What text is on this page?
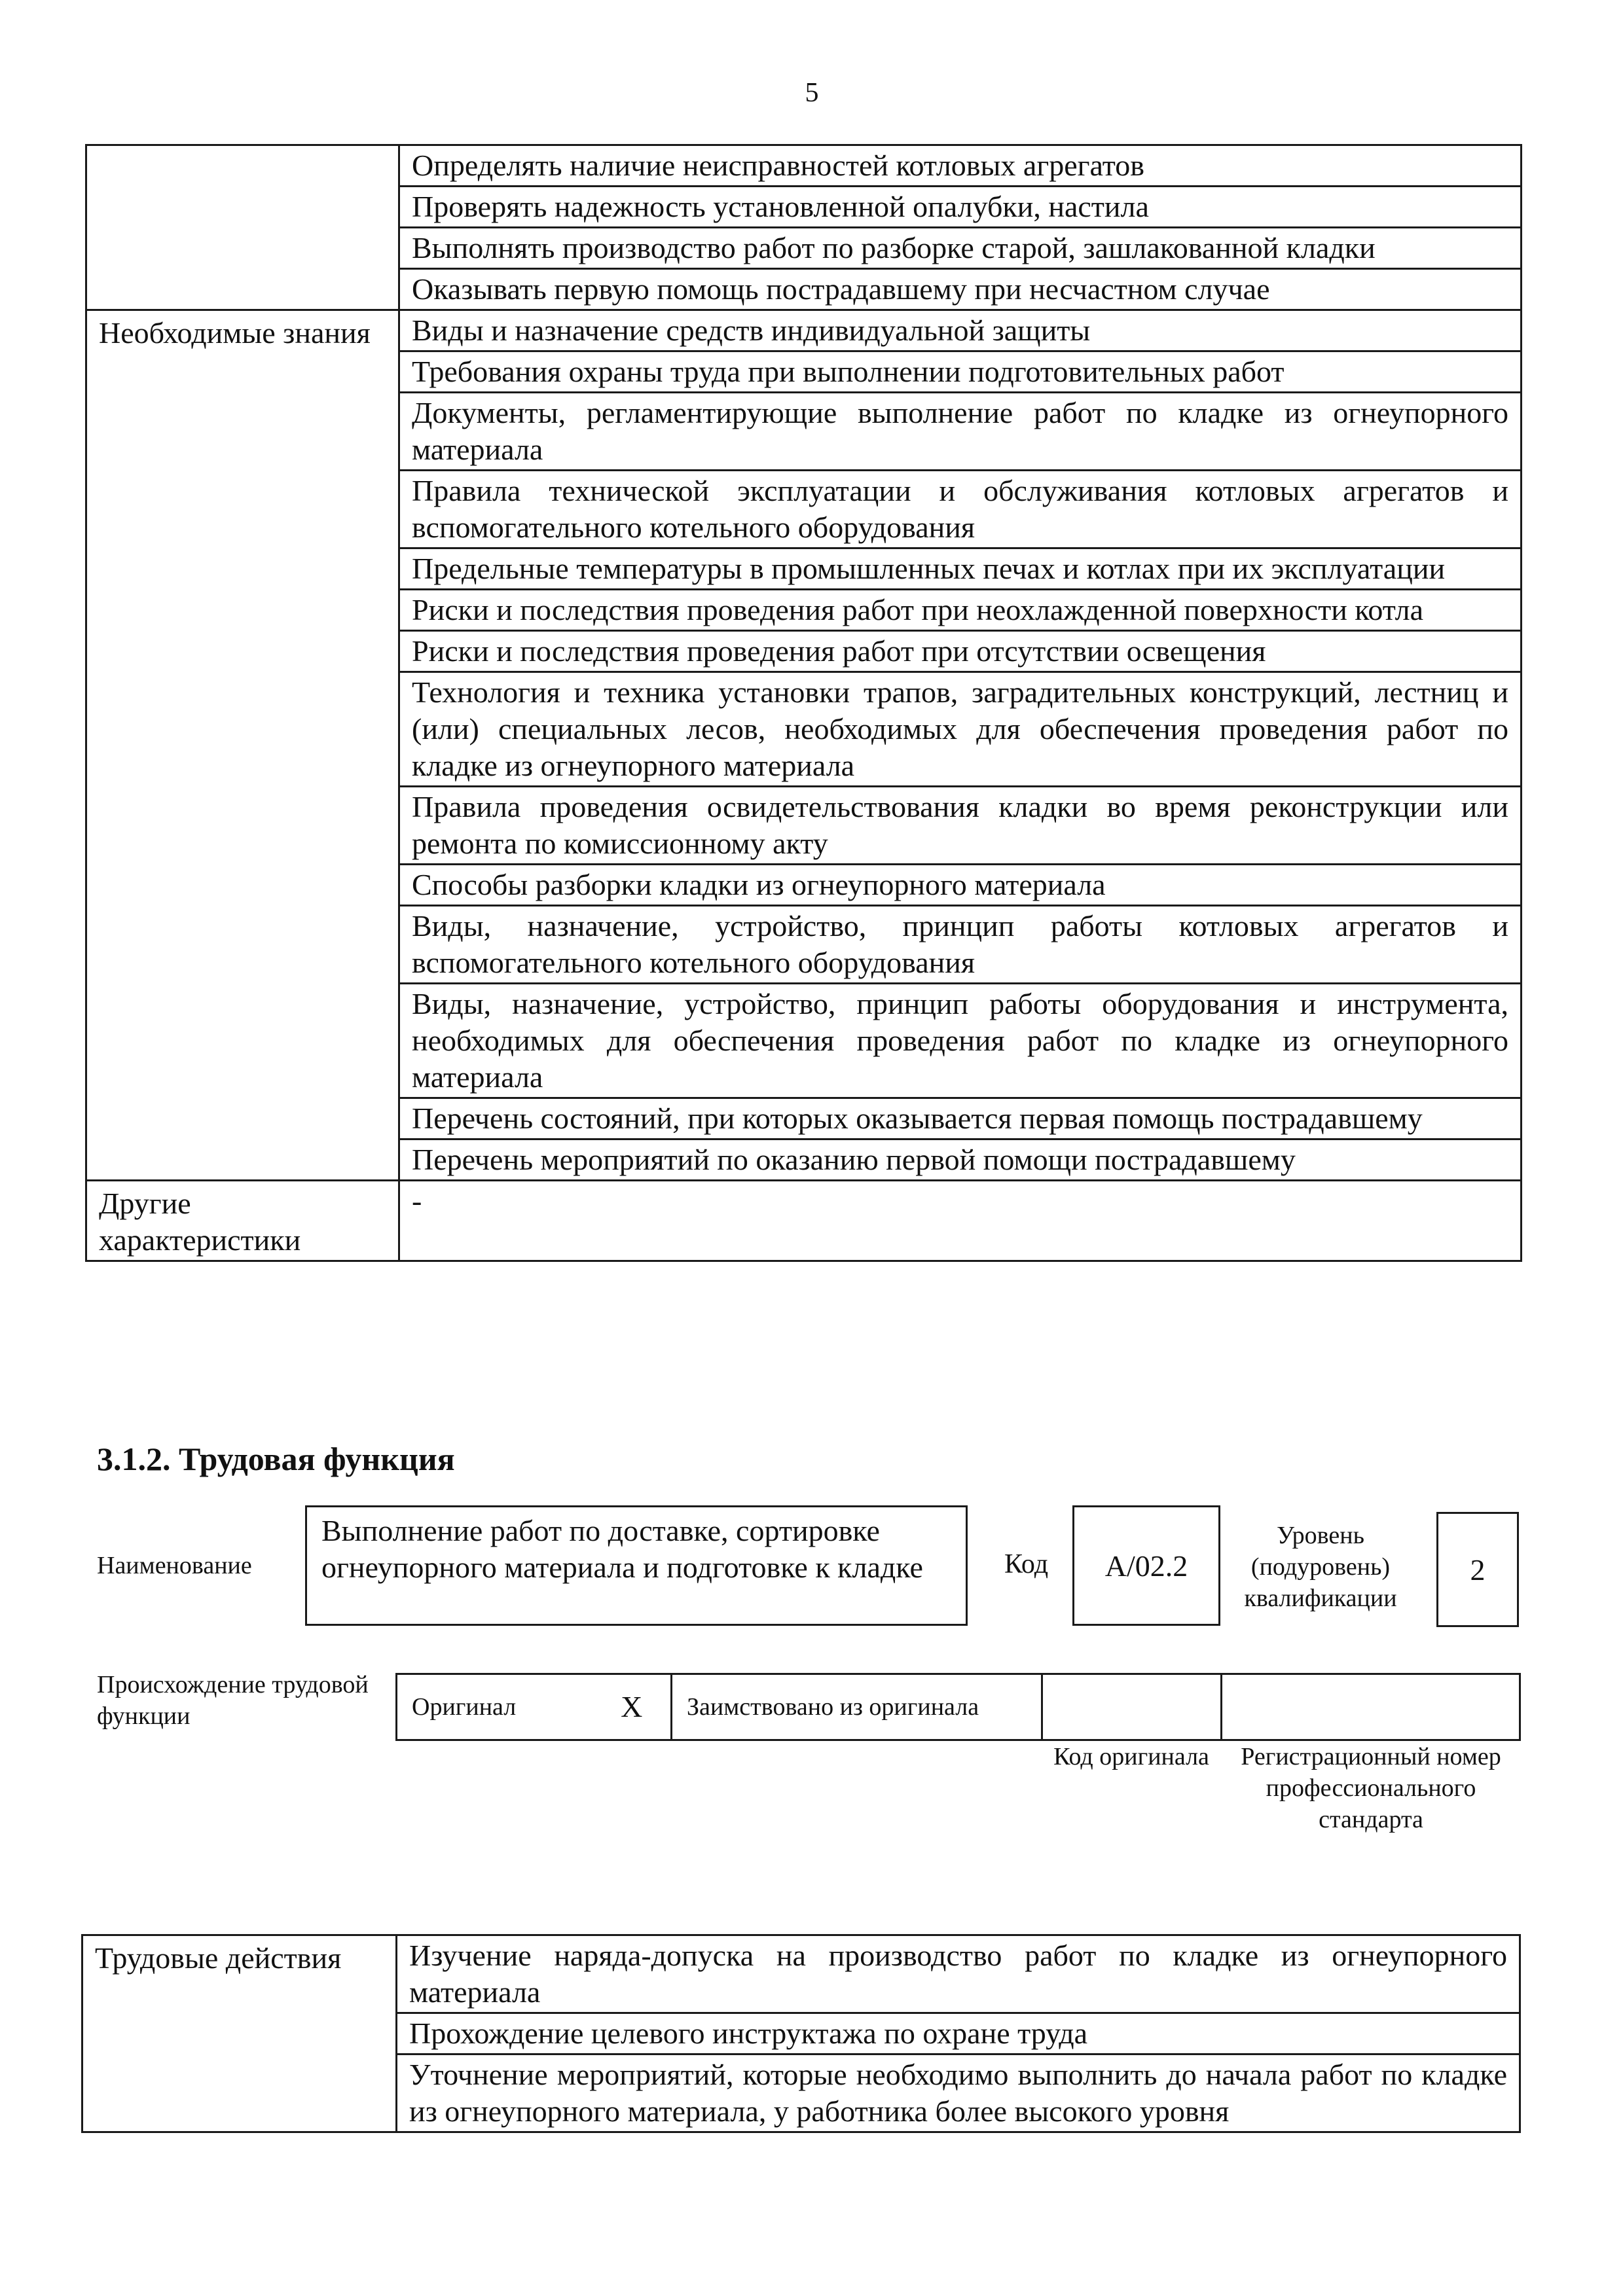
5
	Определять наличие неисправностей котловых агрегатов
	Проверять надежность установленной опалубки, настила
	Выполнять производство работ по разборке старой, зашлакованной кладки
	Оказывать первую помощь пострадавшему при несчастном случае
Необходимые знания	Виды и назначение средств индивидуальной защиты
	Требования охраны труда при выполнении подготовительных работ
	Документы, регламентирующие выполнение работ по кладке из огнеупорного материала
	Правила технической эксплуатации и обслуживания котловых агрегатов и вспомогательного котельного оборудования
	Предельные температуры в промышленных печах и котлах при их эксплуатации
	Риски и последствия проведения работ при неохлажденной поверхности котла
	Риски и последствия проведения работ при отсутствии освещения
	Технология и техника установки трапов, заградительных конструкций, лестниц и (или) специальных лесов, необходимых для обеспечения проведения работ по кладке из огнеупорного материала
	Правила проведения освидетельствования кладки во время реконструкции или ремонта по комиссионному акту
	Способы разборки кладки из огнеупорного материала
	Виды, назначение, устройство, принцип работы котловых агрегатов и вспомогательного котельного оборудования
	Виды, назначение, устройство, принцип работы оборудования и инструмента, необходимых для обеспечения проведения работ по кладке из огнеупорного материала
	Перечень состояний, при которых оказывается первая помощь пострадавшему
	Перечень мероприятий по оказанию первой помощи пострадавшему
Другие характеристики	-
3.1.2. Трудовая функция
Наименование
Выполнение работ по доставке, сортировке огнеупорного материала и подготовке к кладке	Код	А/02.2
Уровень (подуровень) квалификации
2
Происхождение трудовой функции	Оригинал	X	Заимствовано из оригинала		
Код оригинала	Регистрационный номер профессионального стандарта
Трудовые действия	Изучение наряда-допуска на производство работ по кладке из огнеупорного материала
Прохождение целевого инструктажа по охране труда
Уточнение мероприятий, которые необходимо выполнить до начала работ по кладке из огнеупорного материала, у работника более высокого уровня
